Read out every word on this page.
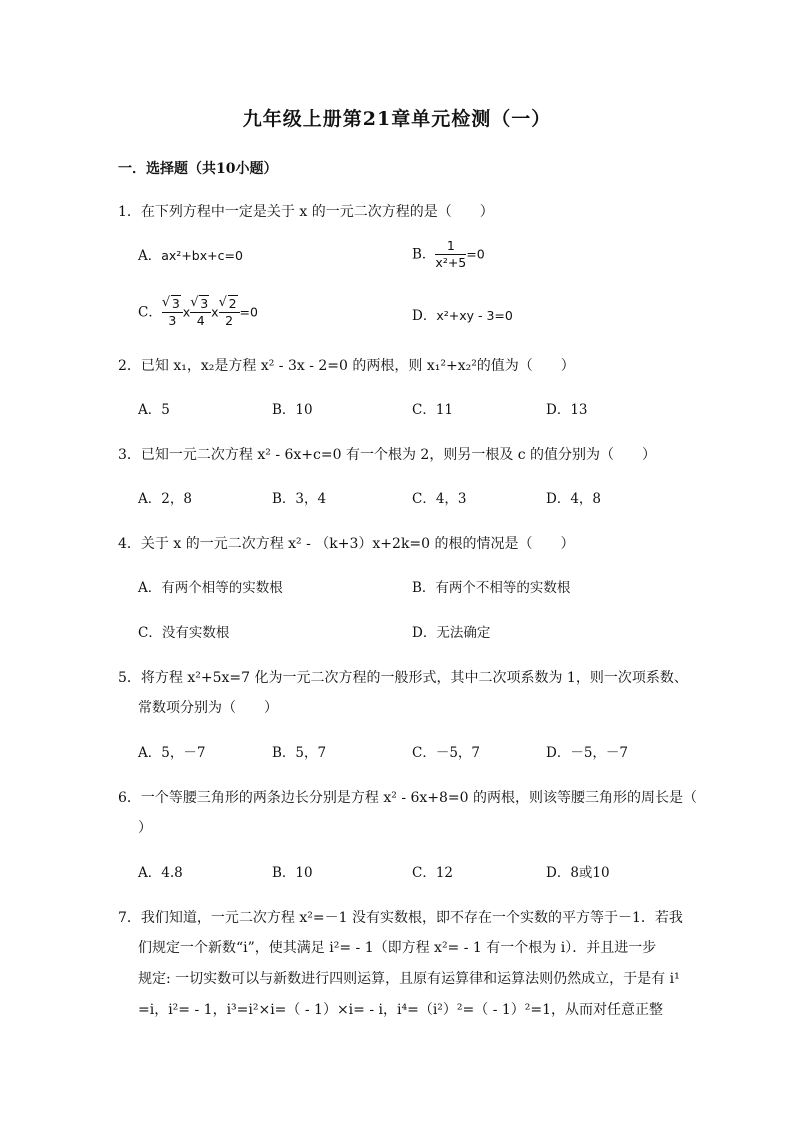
九年级上册第21章单元检测（一）
一．选择题（共10小题）
1．在下列方程中一定是关于 x 的一元二次方程的是（　　）
A．ax²+bx+c=0	B． $\frac{1}{\text{x²+5}} =0$
C． √ $\frac{3}{3}$ x √ $\frac{3}{4}$ x √ $\frac{2}{2} =0$	D．x²+xy - 3=0
2．已知 x₁，x₂是方程 x² - 3x - 2=0 的两根，则 x₁²+x₂²的值为（　　）
A．5	B．10	C．11	D．13
3．已知一元二次方程 x² - 6x+c=0 有一个根为 2，则另一根及 c 的值分别为（　　）
A．2，8	B．3，4	C．4，3	D．4，8
4．关于 x 的一元二次方程 x² - （k+3）x+2k=0 的根的情况是（　　）
A．有两个相等的实数根	B．有两个不相等的实数根
C．没有实数根	D．无法确定
5．将方程 x²+5x=7 化为一元二次方程的一般形式，其中二次项系数为 1，则一次项系数、
常数项分别为（　　）
A．5，－7	B．5，7	C．－5，7	D．－5，－7
6．一个等腰三角形的两条边长分别是方程 x² - 6x+8=0 的两根，则该等腰三角形的周长是（
）
A．4.8	B．10	C．12	D．8或10
7．我们知道，一元二次方程 x²=－1 没有实数根，即不存在一个实数的平方等于－1．若我
们规定一个新数“i”，使其满足 i²= - 1（即方程 x²= - 1 有一个根为 i）．并且进一步
规定: 一切实数可以与新数进行四则运算，且原有运算律和运算法则仍然成立，于是有 i¹
=i，i²= - 1，i³=i²×i=（ - 1）×i= - i，i⁴=（i²）²=（ - 1）²=1，从而对任意正整
